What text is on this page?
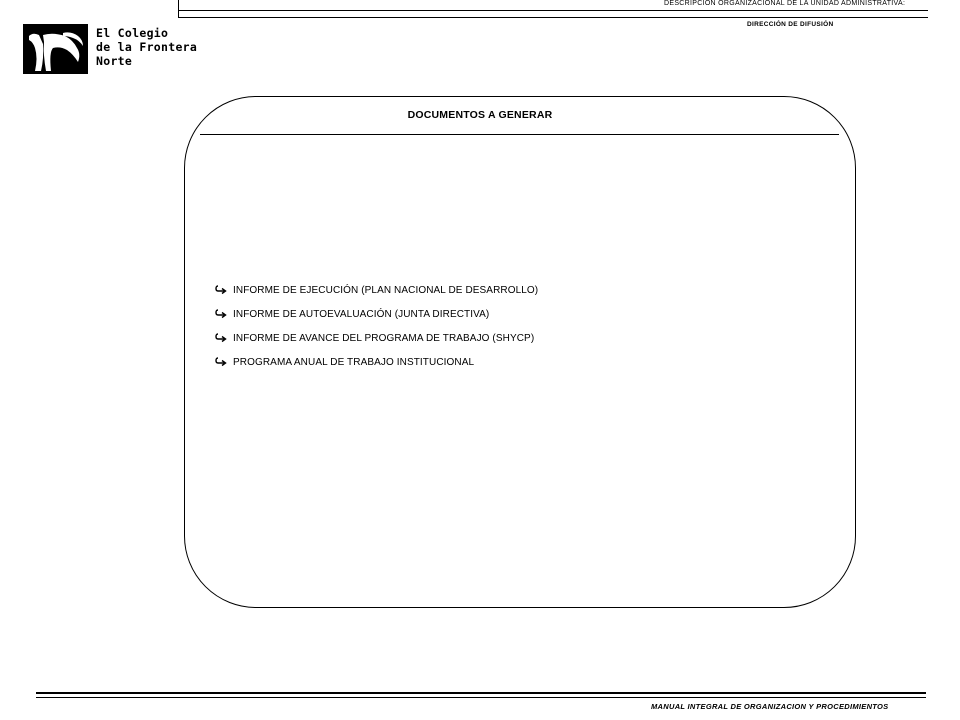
DESCRIPCION ORGANIZACIONAL DE LA UNIDAD ADMINISTRATIVA:
DIRECCIÓN DE DIFUSIÓN
El Colegio
de la Frontera
Norte
DOCUMENTOS A GENERAR
INFORME DE EJECUCIÓN (PLAN NACIONAL DE DESARROLLO)
INFORME DE AUTOEVALUACIÓN (JUNTA DIRECTIVA)
INFORME DE AVANCE DEL PROGRAMA DE TRABAJO (SHYCP)
PROGRAMA ANUAL DE TRABAJO INSTITUCIONAL
MANUAL INTEGRAL DE ORGANIZACION Y PROCEDIMIENTOS
